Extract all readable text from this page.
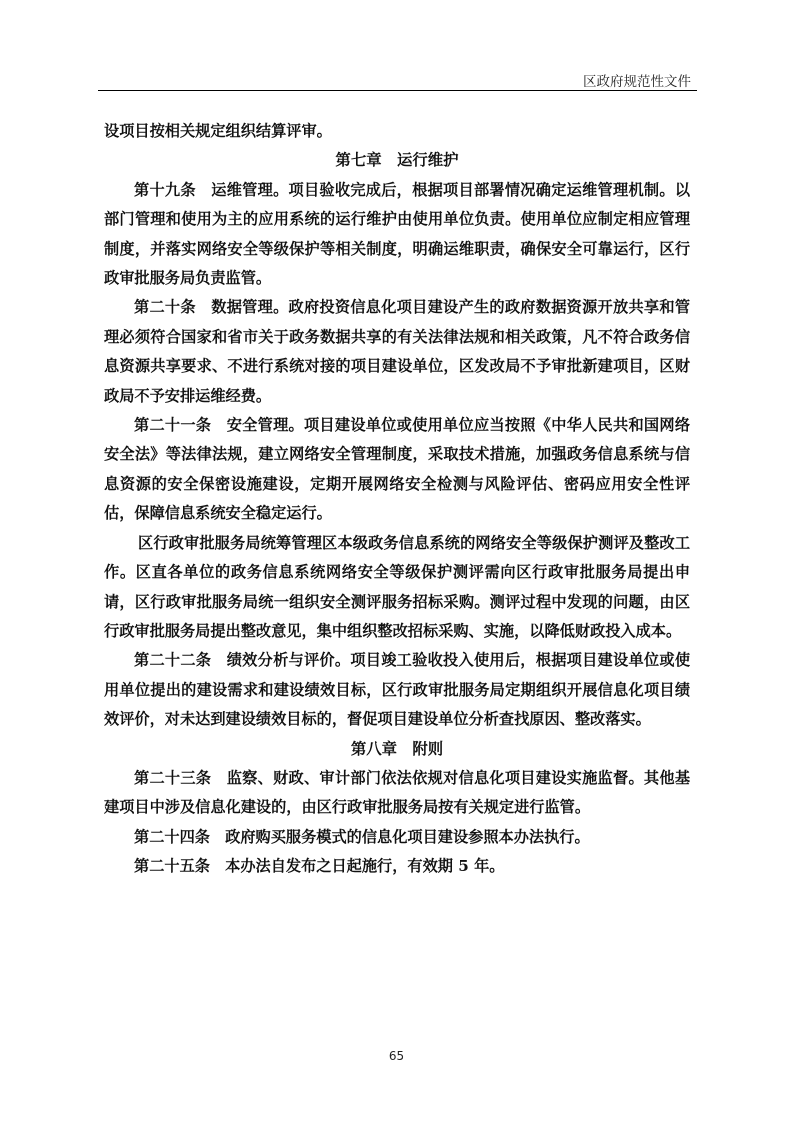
区政府规范性文件

设项目按相关规定组织结算评审。

第七章　运行维护

第十九条　运维管理。项目验收完成后，根据项目部署情况确定运维管理机制。以部门管理和使用为主的应用系统的运行维护由使用单位负责。使用单位应制定相应管理制度，并落实网络安全等级保护等相关制度，明确运维职责，确保安全可靠运行，区行政审批服务局负责监管。

第二十条　数据管理。政府投资信息化项目建设产生的政府数据资源开放共享和管理必须符合国家和省市关于政务数据共享的有关法律法规和相关政策，凡不符合政务信息资源共享要求、不进行系统对接的项目建设单位，区发改局不予审批新建项目，区财政局不予安排运维经费。

第二十一条　安全管理。项目建设单位或使用单位应当按照《中华人民共和国网络安全法》等法律法规，建立网络安全管理制度，采取技术措施，加强政务信息系统与信息资源的安全保密设施建设，定期开展网络安全检测与风险评估、密码应用安全性评估，保障信息系统安全稳定运行。

区行政审批服务局统筹管理区本级政务信息系统的网络安全等级保护测评及整改工作。区直各单位的政务信息系统网络安全等级保护测评需向区行政审批服务局提出申请，区行政审批服务局统一组织安全测评服务招标采购。测评过程中发现的问题，由区行政审批服务局提出整改意见，集中组织整改招标采购、实施，以降低财政投入成本。

第二十二条　绩效分析与评价。项目竣工验收投入使用后，根据项目建设单位或使用单位提出的建设需求和建设绩效目标，区行政审批服务局定期组织开展信息化项目绩效评价，对未达到建设绩效目标的，督促项目建设单位分析查找原因、整改落实。

第八章　附则

第二十三条　监察、财政、审计部门依法依规对信息化项目建设实施监督。其他基建项目中涉及信息化建设的，由区行政审批服务局按有关规定进行监管。

第二十四条　政府购买服务模式的信息化项目建设参照本办法执行。

第二十五条　本办法自发布之日起施行，有效期 5 年。

65
